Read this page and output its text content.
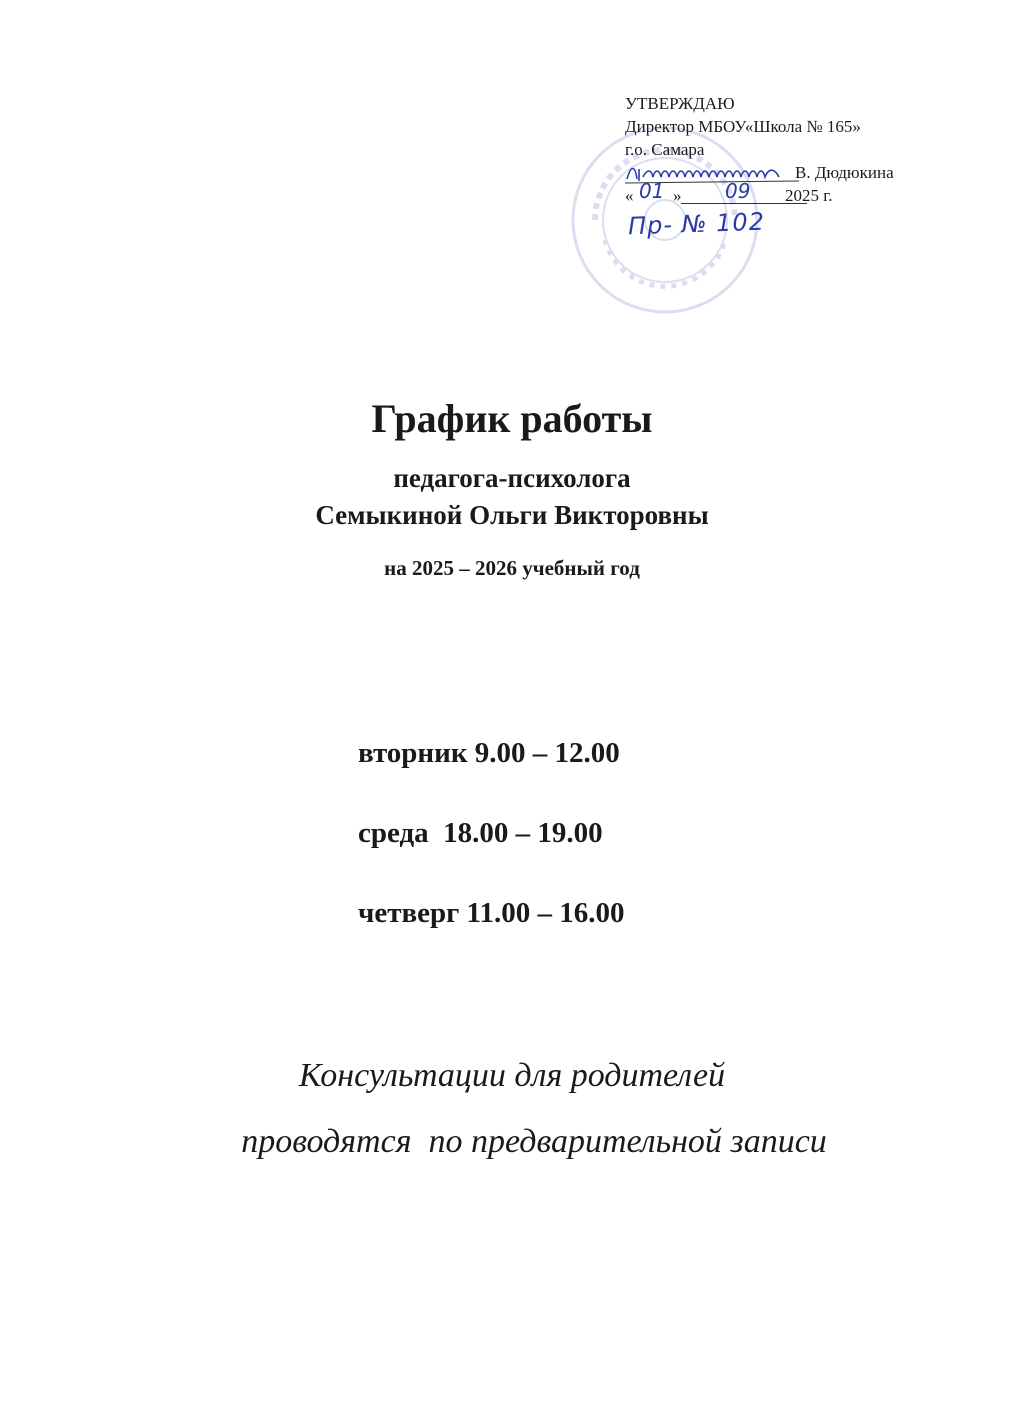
УТВЕРЖДАЮ
Директор МБОУ«Школа № 165»
г.о. Самара
В. Дюдюкина
« 01 » 09 2025 г.
Пр- № 102
График работы
педагога-психолога
Семыкиной Ольги Викторовны
на 2025 – 2026 учебный год
вторник 9.00 – 12.00
среда  18.00 – 19.00
четверг 11.00 – 16.00
Консультации для родителей
проводятся  по предварительной записи
